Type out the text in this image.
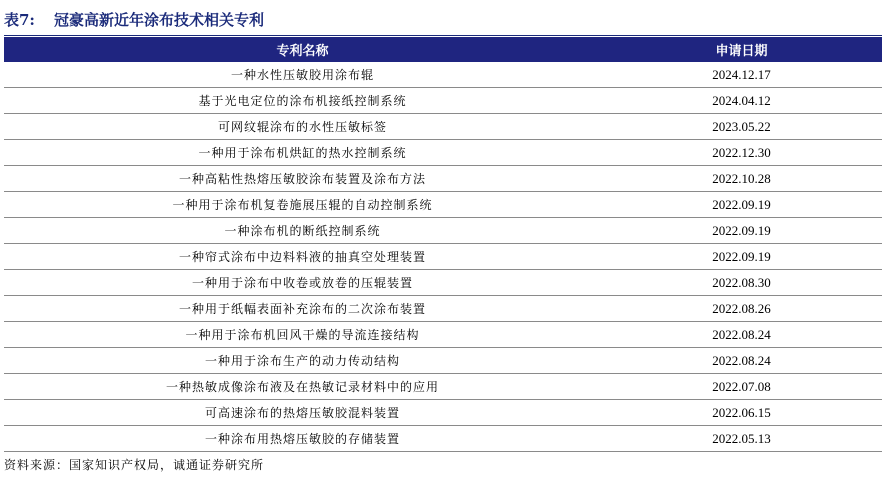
表7: 冠豪高新近年涂布技术相关专利
专利名称	申请日期
一种水性压敏胶用涂布辊	2024.12.17
基于光电定位的涂布机接纸控制系统	2024.04.12
可网纹辊涂布的水性压敏标签	2023.05.22
一种用于涂布机烘缸的热水控制系统	2022.12.30
一种高粘性热熔压敏胶涂布装置及涂布方法	2022.10.28
一种用于涂布机复卷施展压辊的自动控制系统	2022.09.19
一种涂布机的断纸控制系统	2022.09.19
一种帘式涂布中边料料液的抽真空处理装置	2022.09.19
一种用于涂布中收卷或放卷的压辊装置	2022.08.30
一种用于纸幅表面补充涂布的二次涂布装置	2022.08.26
一种用于涂布机回风干燥的导流连接结构	2022.08.24
一种用于涂布生产的动力传动结构	2022.08.24
一种热敏成像涂布液及在热敏记录材料中的应用	2022.07.08
可高速涂布的热熔压敏胶混料装置	2022.06.15
一种涂布用热熔压敏胶的存储装置	2022.05.13
资料来源：国家知识产权局，诚通证券研究所
